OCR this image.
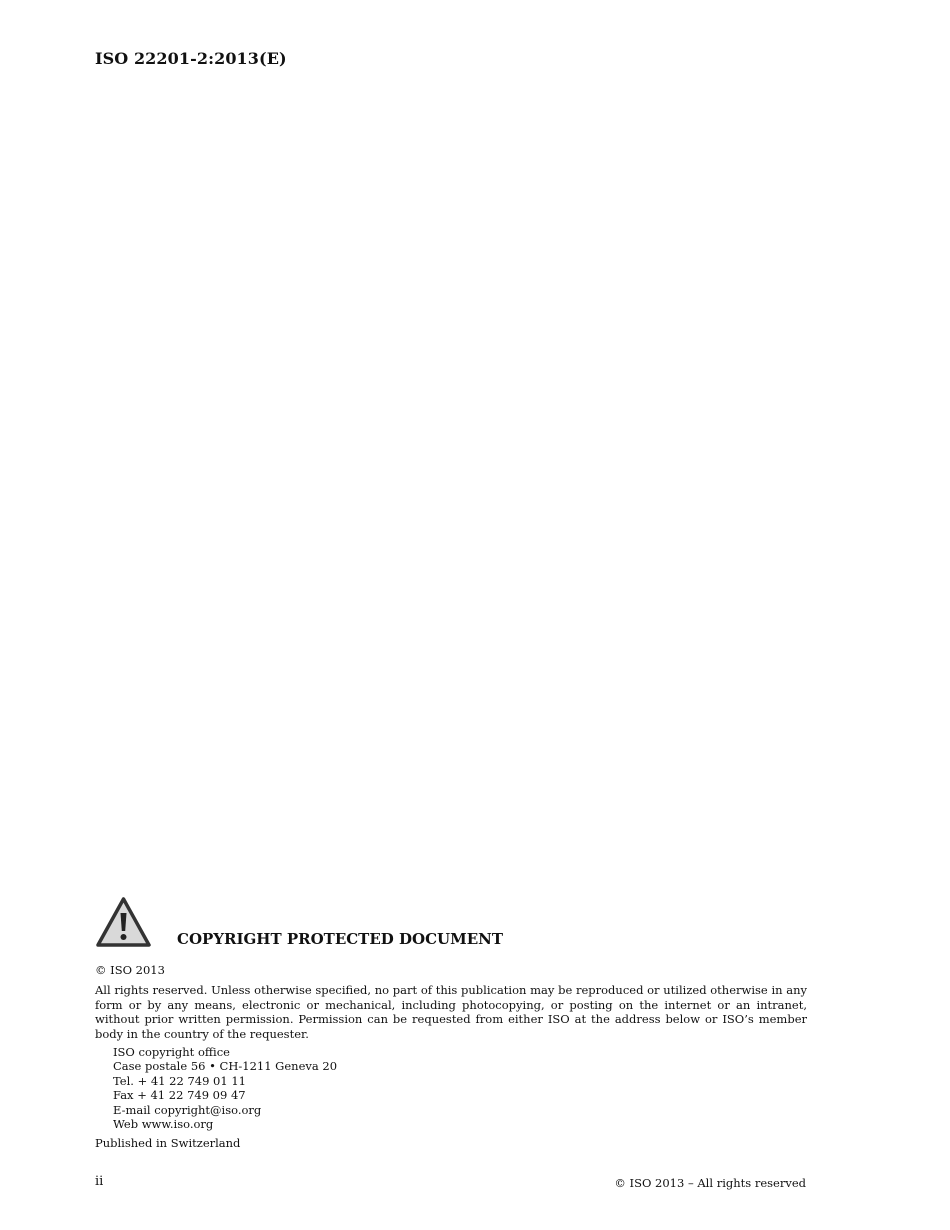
ISO 22201-2:2013(E)
COPYRIGHT PROTECTED DOCUMENT
© ISO 2013
All rights reserved. Unless otherwise specified, no part of this publication may be reproduced or utilized otherwise in any form or by any means, electronic or mechanical, including photocopying, or posting on the internet or an intranet, without prior written permission. Permission can be requested from either ISO at the address below or ISO’s member body in the country of the requester.
ISO copyright office
Case postale 56 • CH-1211 Geneva 20
Tel. + 41 22 749 01 11
Fax + 41 22 749 09 47
E-mail copyright@iso.org
Web www.iso.org
Published in Switzerland
ii	© ISO 2013 – All rights reserved
